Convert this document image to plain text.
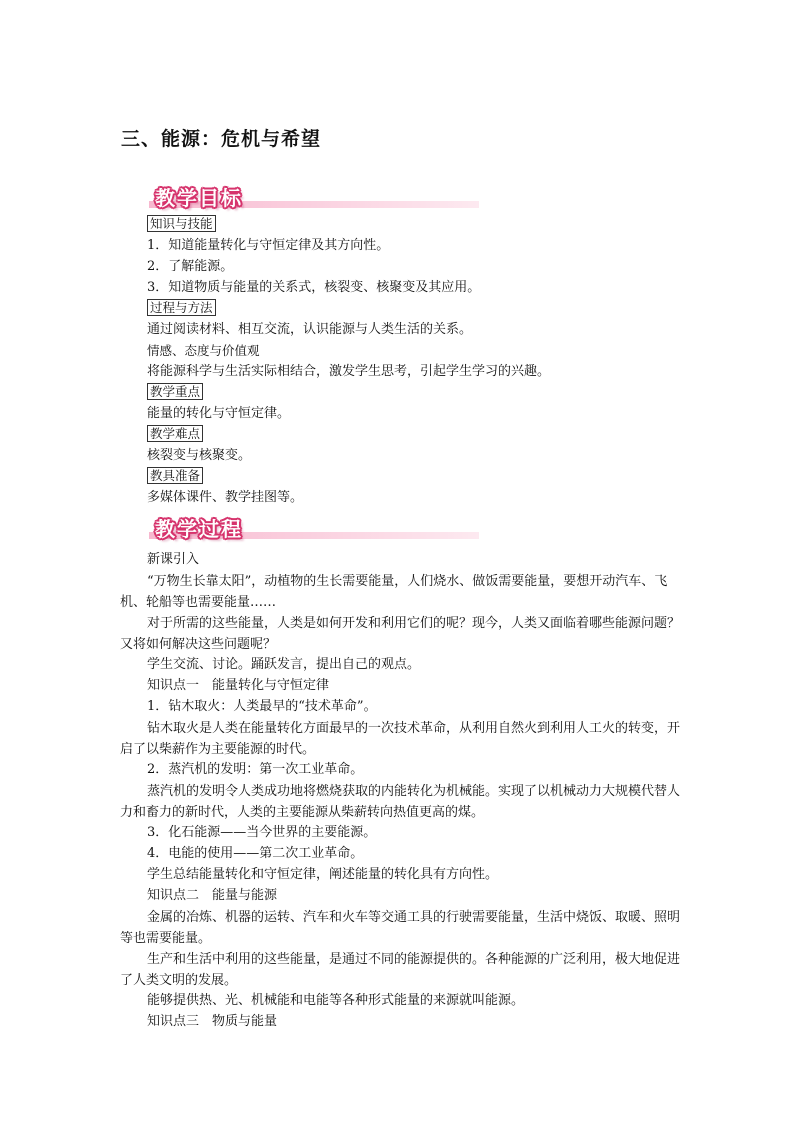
三、能源：危机与希望
教学目标
知识与技能
1．知道能量转化与守恒定律及其方向性。
2．了解能源。
3．知道物质与能量的关系式，核裂变、核聚变及其应用。
过程与方法
通过阅读材料、相互交流，认识能源与人类生活的关系。
情感、态度与价值观
将能源科学与生活实际相结合，激发学生思考，引起学生学习的兴趣。
教学重点
能量的转化与守恒定律。
教学难点
核裂变与核聚变。
教具准备
多媒体课件、教学挂图等。
教学过程
新课引入
“万物生长靠太阳”，动植物的生长需要能量，人们烧水、做饭需要能量，要想开动汽车、飞机、轮船等也需要能量……
对于所需的这些能量，人类是如何开发和利用它们的呢？现今，人类又面临着哪些能源问题？又将如何解决这些问题呢？
学生交流、讨论。踊跃发言，提出自己的观点。
知识点一　能量转化与守恒定律
1．钻木取火：人类最早的“技术革命”。
钻木取火是人类在能量转化方面最早的一次技术革命，从利用自然火到利用人工火的转变，开启了以柴薪作为主要能源的时代。
2．蒸汽机的发明：第一次工业革命。
蒸汽机的发明令人类成功地将燃烧获取的内能转化为机械能。实现了以机械动力大规模代替人力和畜力的新时代，人类的主要能源从柴薪转向热值更高的煤。
3．化石能源——当今世界的主要能源。
4．电能的使用——第二次工业革命。
学生总结能量转化和守恒定律，阐述能量的转化具有方向性。
知识点二　能量与能源
金属的冶炼、机器的运转、汽车和火车等交通工具的行驶需要能量，生活中烧饭、取暖、照明等也需要能量。
生产和生活中利用的这些能量，是通过不同的能源提供的。各种能源的广泛利用，极大地促进了人类文明的发展。
能够提供热、光、机械能和电能等各种形式能量的来源就叫能源。
知识点三　物质与能量
